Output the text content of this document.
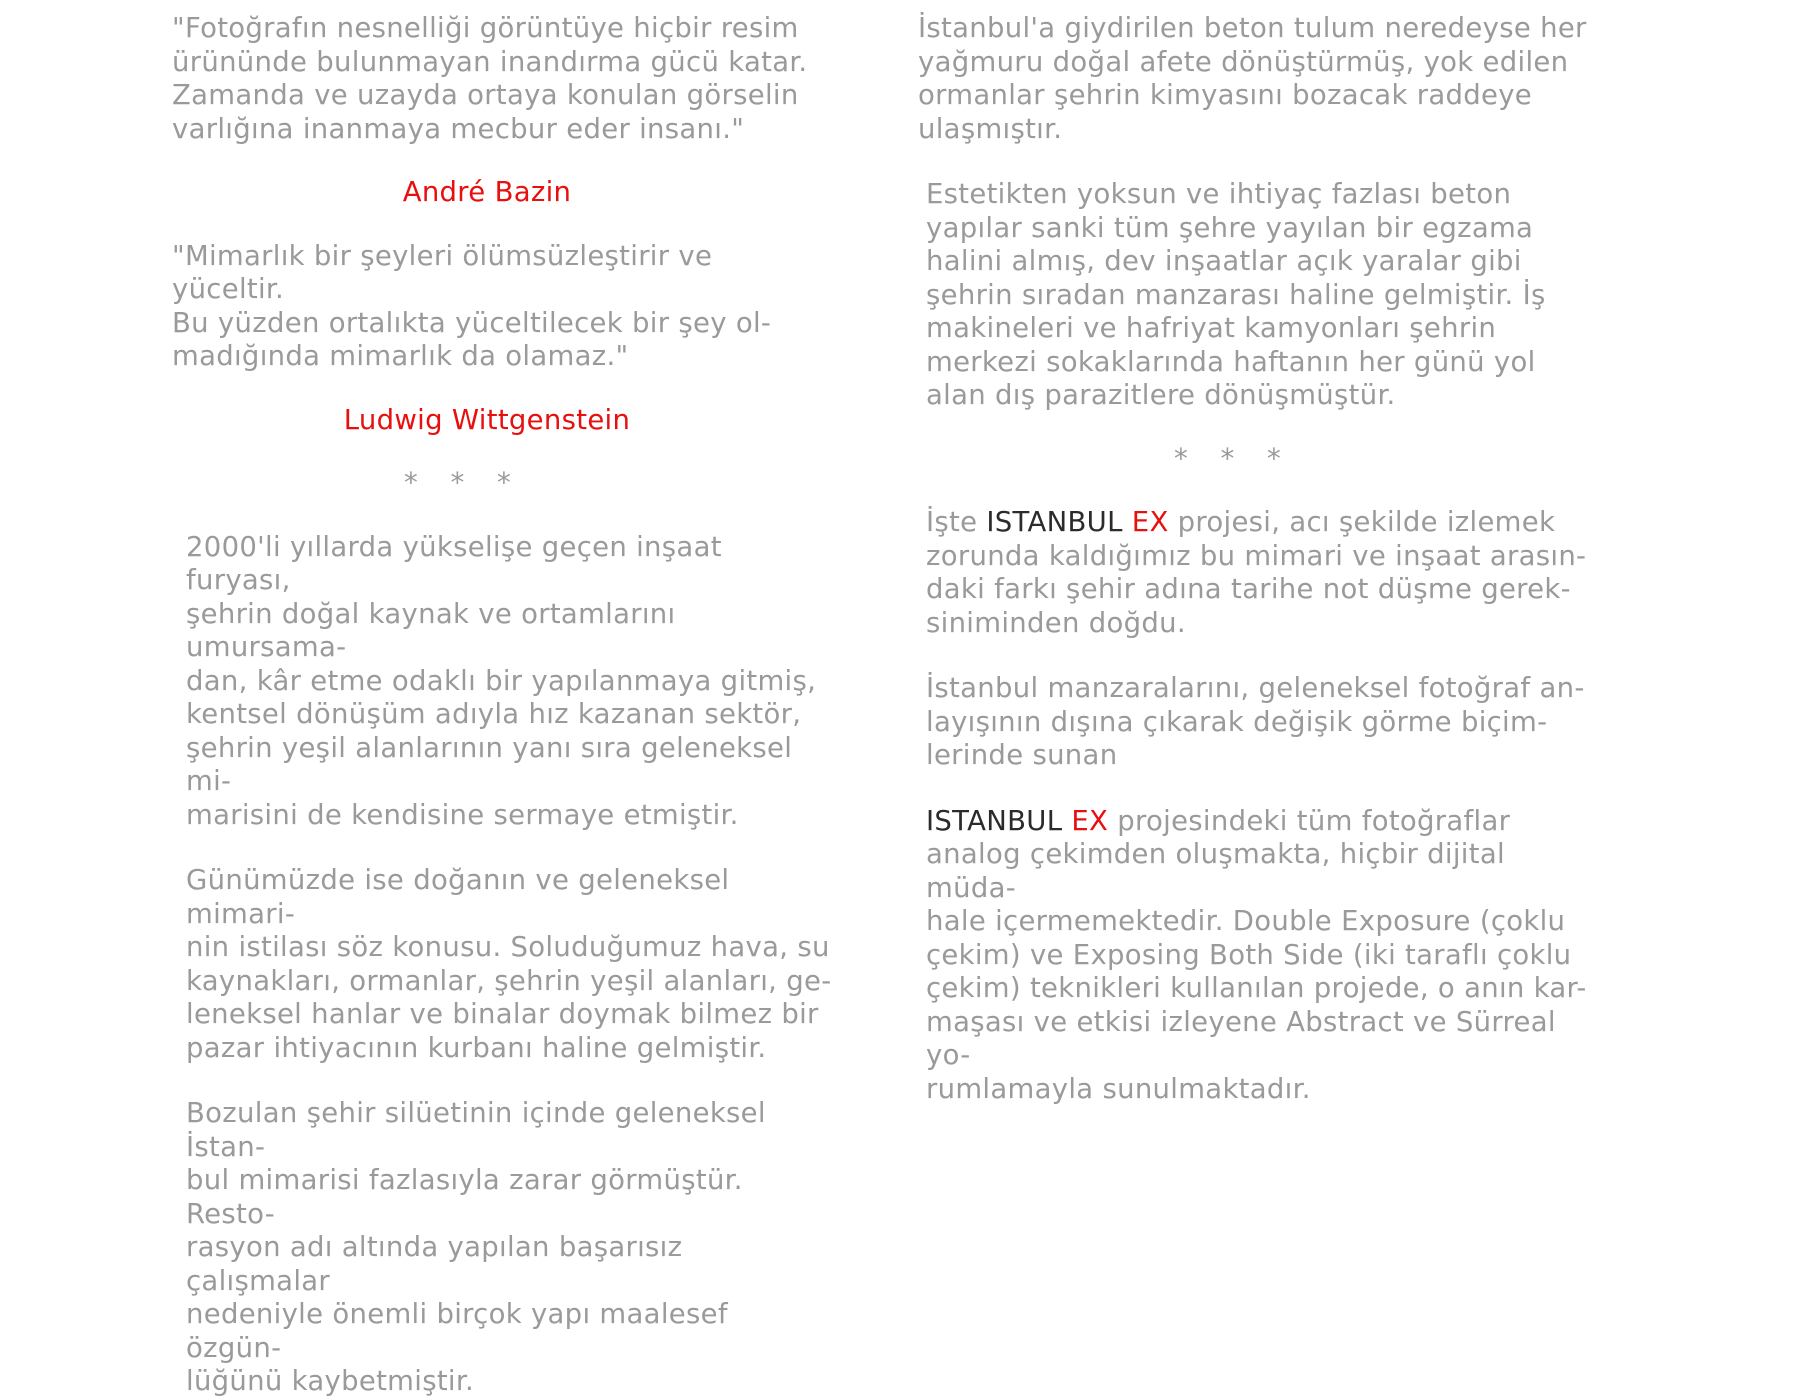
"Fotoğrafın nesnelliği görüntüye hiçbir resim
ürününde bulunmayan inandırma gücü katar.
Zamanda ve uzayda ortaya konulan görselin
varlığına inanmaya mecbur eder insanı."

André Bazin

"Mimarlık bir şeyleri ölümsüzleştirir ve yüceltir.
Bu yüzden ortalıkta yüceltilecek bir şey ol-
madığında mimarlık da olamaz."

Ludwig Wittgenstein

* * *

2000'li yıllarda yükselişe geçen inşaat furyası,
şehrin doğal kaynak ve ortamlarını umursama-
dan, kâr etme odaklı bir yapılanmaya gitmiş,
kentsel dönüşüm adıyla hız kazanan sektör,
şehrin yeşil alanlarının yanı sıra geleneksel mi-
marisini de kendisine sermaye etmiştir.

Günümüzde ise doğanın ve geleneksel mimari-
nin istilası söz konusu. Soluduğumuz hava, su
kaynakları, ormanlar, şehrin yeşil alanları, ge-
leneksel hanlar ve binalar doymak bilmez bir
pazar ihtiyacının kurbanı haline gelmiştir.

Bozulan şehir silüetinin içinde geleneksel İstan-
bul mimarisi fazlasıyla zarar görmüştür. Resto-
rasyon adı altında yapılan başarısız çalışmalar
nedeniyle önemli birçok yapı maalesef özgün-
lüğünü kaybetmiştir.

İstanbul'a giydirilen beton tulum neredeyse her
yağmuru doğal afete dönüştürmüş, yok edilen
ormanlar şehrin kimyasını bozacak raddeye
ulaşmıştır.

Estetikten yoksun ve ihtiyaç fazlası beton
yapılar sanki tüm şehre yayılan bir egzama
halini almış, dev inşaatlar açık yaralar gibi
şehrin sıradan manzarası haline gelmiştir. İş
makineleri ve hafriyat kamyonları şehrin
merkezi sokaklarında haftanın her günü yol
alan dış parazitlere dönüşmüştür.

* * *

İşte ISTANBUL EX projesi, acı şekilde izlemek
zorunda kaldığımız bu mimari ve inşaat arasın-
daki farkı şehir adına tarihe not düşme gerek-
siniminden doğdu.

İstanbul manzaralarını, geleneksel fotoğraf an-
layışının dışına çıkarak değişik görme biçim-
lerinde sunan

ISTANBUL EX projesindeki tüm fotoğraflar
analog çekimden oluşmakta, hiçbir dijital müda-
hale içermemektedir. Double Exposure (çoklu
çekim) ve Exposing Both Side (iki taraflı çoklu
çekim) teknikleri kullanılan projede, o anın kar-
maşası ve etkisi izleyene Abstract ve Sürreal yo-
rumlamayla sunulmaktadır.
